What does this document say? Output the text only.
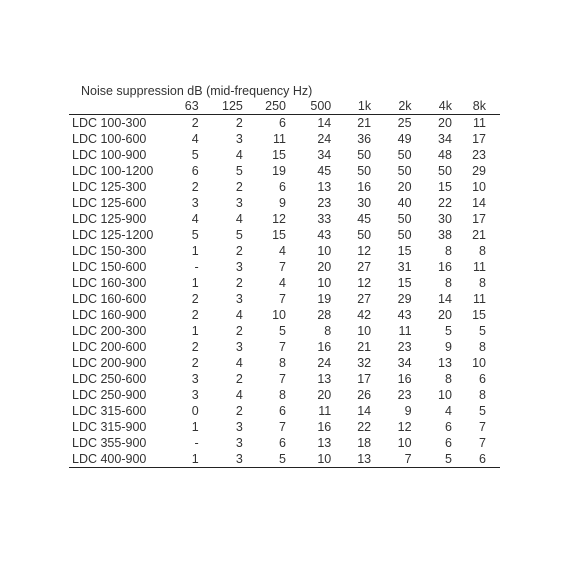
Noise suppression dB (mid-frequency Hz)
	63	125	250	500	1k	2k	4k	8k
LDC 100-300	2	2	6	14	21	25	20	11
LDC 100-600	4	3	11	24	36	49	34	17
LDC 100-900	5	4	15	34	50	50	48	23
LDC 100-1200	6	5	19	45	50	50	50	29
LDC 125-300	2	2	6	13	16	20	15	10
LDC 125-600	3	3	9	23	30	40	22	14
LDC 125-900	4	4	12	33	45	50	30	17
LDC 125-1200	5	5	15	43	50	50	38	21
LDC 150-300	1	2	4	10	12	15	8	8
LDC 150-600	-	3	7	20	27	31	16	11
LDC 160-300	1	2	4	10	12	15	8	8
LDC 160-600	2	3	7	19	27	29	14	11
LDC 160-900	2	4	10	28	42	43	20	15
LDC 200-300	1	2	5	8	10	11	5	5
LDC 200-600	2	3	7	16	21	23	9	8
LDC 200-900	2	4	8	24	32	34	13	10
LDC 250-600	3	2	7	13	17	16	8	6
LDC 250-900	3	4	8	20	26	23	10	8
LDC 315-600	0	2	6	11	14	9	4	5
LDC 315-900	1	3	7	16	22	12	6	7
LDC 355-900	-	3	6	13	18	10	6	7
LDC 400-900	1	3	5	10	13	7	5	6
